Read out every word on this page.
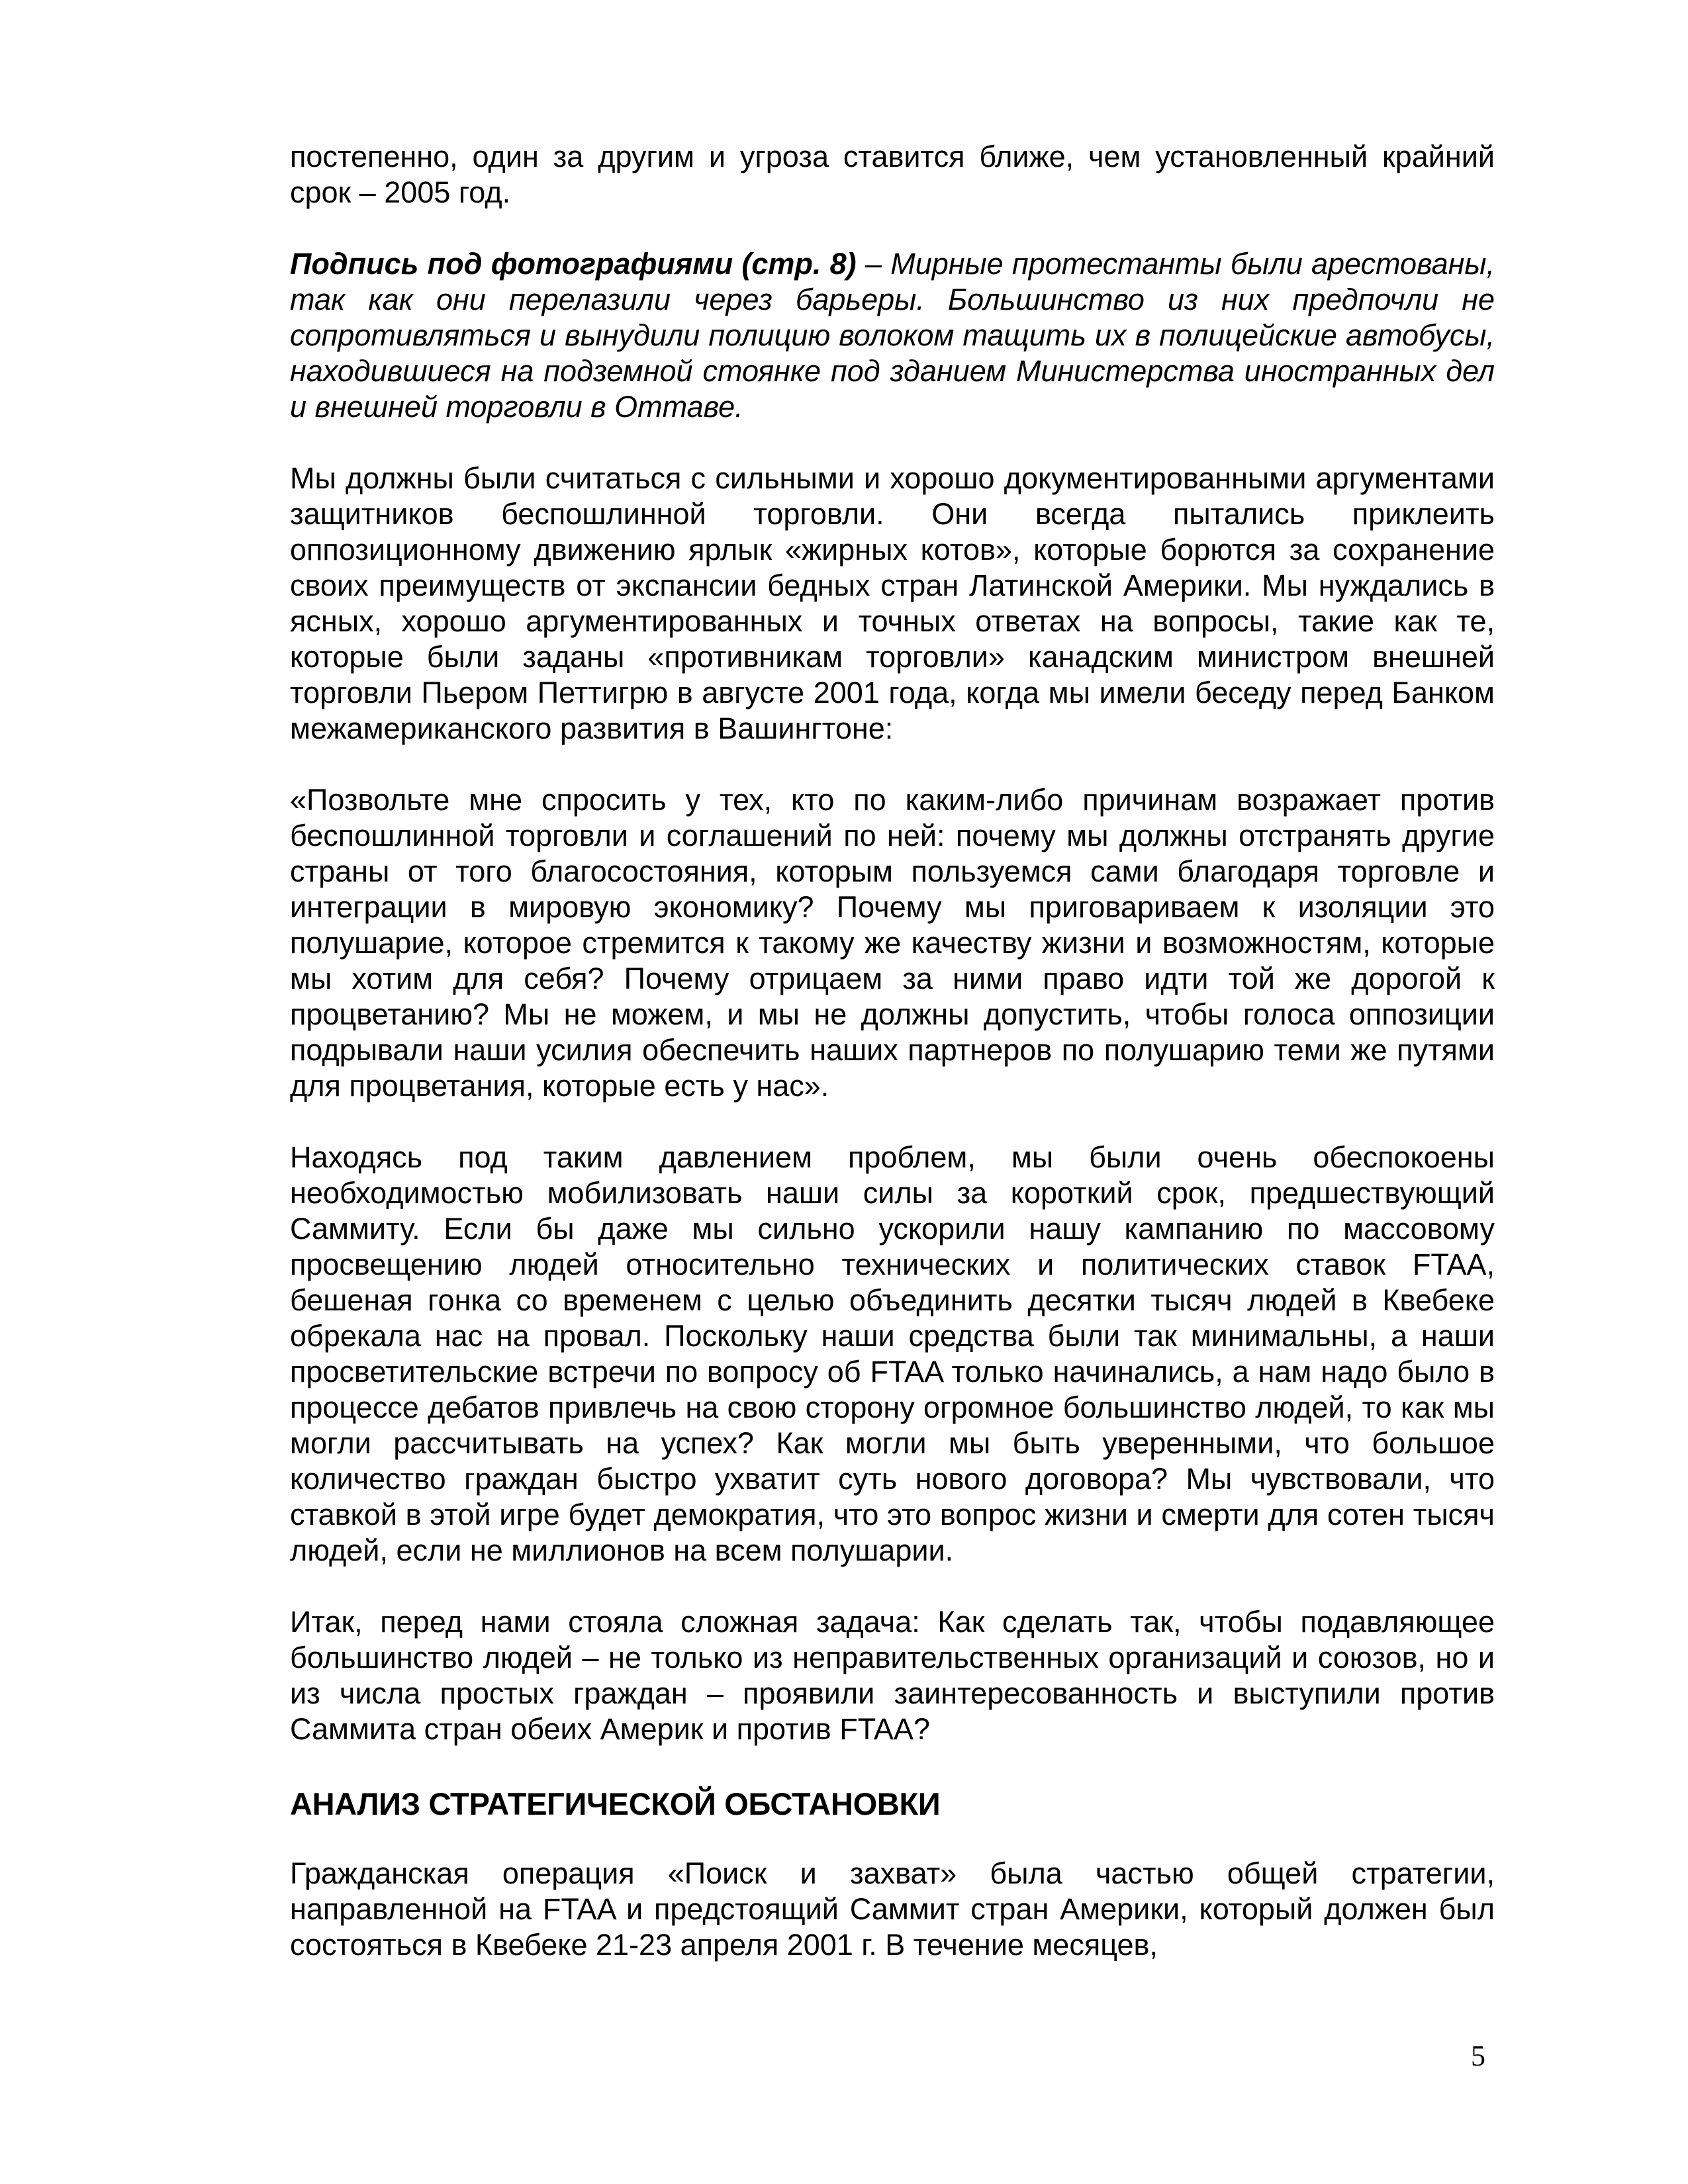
постепенно, один за другим и угроза ставится ближе, чем установленный крайний срок – 2005 год.

Подпись под фотографиями (стр. 8) – Мирные протестанты были арестованы, так как они перелазили через барьеры. Большинство из них предпочли не сопротивляться и вынудили полицию волоком тащить их в полицейские автобусы, находившиеся на подземной стоянке под зданием Министерства иностранных дел и внешней торговли в Оттаве.

Мы должны были считаться с сильными и хорошо документированными аргументами защитников беспошлинной торговли. Они всегда пытались приклеить оппозиционному движению ярлык «жирных котов», которые борются за сохранение своих преимуществ от экспансии бедных стран Латинской Америки. Мы нуждались в ясных, хорошо аргументированных и точных ответах на вопросы, такие как те, которые были заданы «противникам торговли» канадским министром внешней торговли Пьером Петтигрю в августе 2001 года, когда мы имели беседу перед Банком межамериканского развития в Вашингтоне:

«Позвольте мне спросить у тех, кто по каким-либо причинам возражает против беспошлинной торговли и соглашений по ней: почему мы должны отстранять другие страны от того благосостояния, которым пользуемся сами благодаря торговле и интеграции в мировую экономику? Почему мы приговариваем к изоляции это полушарие, которое стремится к такому же качеству жизни и возможностям, которые мы хотим для себя? Почему отрицаем за ними право идти той же дорогой к процветанию? Мы не можем, и мы не должны допустить, чтобы голоса оппозиции подрывали наши усилия обеспечить наших партнеров по полушарию теми же путями для процветания, которые есть у нас».

Находясь под таким давлением проблем, мы были очень обеспокоены необходимостью мобилизовать наши силы за короткий срок, предшествующий Саммиту. Если бы даже мы сильно ускорили нашу кампанию по массовому просвещению людей относительно технических и политических ставок FTAA, бешеная гонка со временем с целью объединить десятки тысяч людей в Квебеке обрекала нас на провал. Поскольку наши средства были так минимальны, а наши просветительские встречи по вопросу об FTAA только начинались, а нам надо было в процессе дебатов привлечь на свою сторону огромное большинство людей, то как мы могли рассчитывать на успех? Как могли мы быть уверенными, что большое количество граждан быстро ухватит суть нового договора? Мы чувствовали, что ставкой в этой игре будет демократия, что это вопрос жизни и смерти для сотен тысяч людей, если не миллионов на всем полушарии.

Итак, перед нами стояла сложная задача: Как сделать так, чтобы подавляющее большинство людей – не только из неправительственных организаций и союзов, но и из числа простых граждан – проявили заинтересованность и выступили против Саммита стран обеих Америк и против FTAA?

АНАЛИЗ СТРАТЕГИЧЕСКОЙ ОБСТАНОВКИ

Гражданская операция «Поиск и захват» была частью общей стратегии, направленной на FTAA и предстоящий Саммит стран Америки, который должен был состояться в Квебеке 21-23 апреля 2001 г. В течение месяцев,

5
